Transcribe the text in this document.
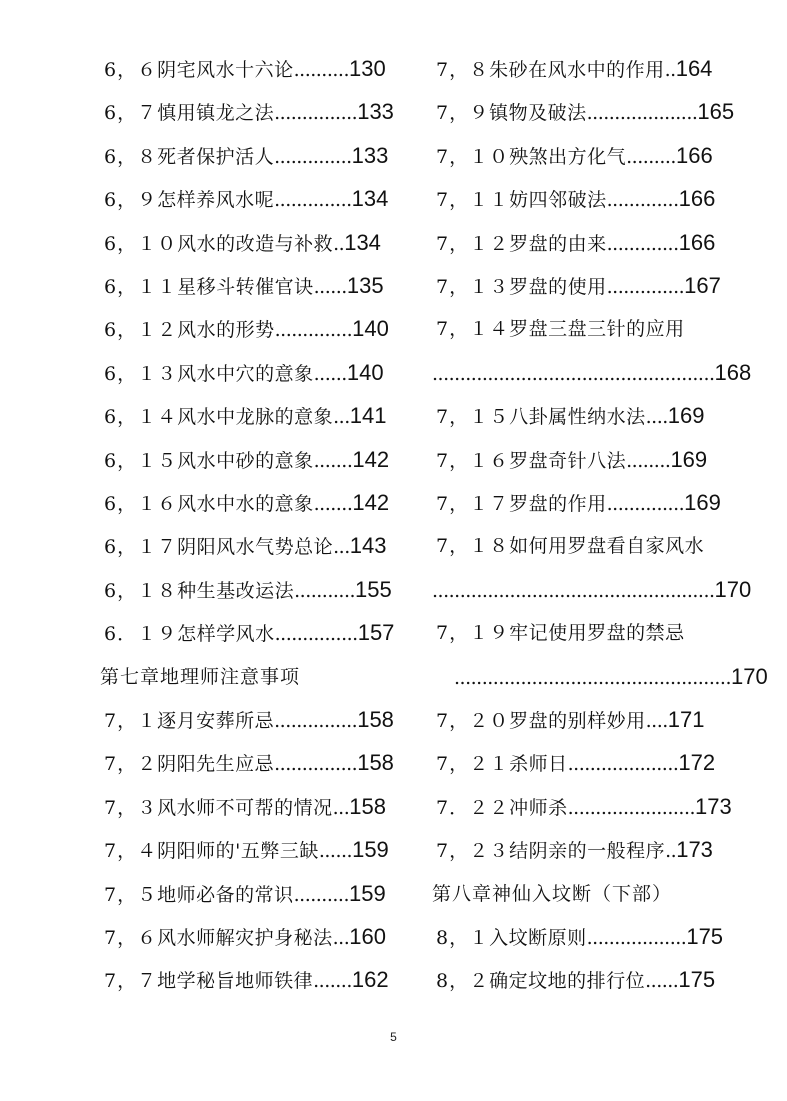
6，６阴宅风水十六论..........130
6，７慎用镇龙之法...............133
6，８死者保护活人..............133
6，９怎样养风水呢..............134
6，１０风水的改造与补救..134
6，１１星移斗转催官诀......135
6，１２风水的形势..............140
6，１３风水中穴的意象......140
6，１４风水中龙脉的意象...141
6，１５风水中砂的意象.......142
6，１６风水中水的意象.......142
6，１７阴阳风水气势总论...143
6，１８种生基改运法...........155
6．１９怎样学风水...............157
第七章地理师注意事项
7，１逐月安葬所忌...............158
7，２阴阳先生应忌...............158
7，３风水师不可帮的情况...158
7，４阴阳师的'五弊三缺......159
7，５地师必备的常识..........159
7，６风水师解灾护身秘法...160
7，７地学秘旨地师铁律.......162
7，８朱砂在风水中的作用..164
7，９镇物及破法....................165
7，１０殃煞出方化气.........166
7，１１妨四邻破法.............166
7，１２罗盘的由来.............166
7，１３罗盘的使用..............167
7，１４罗盘三盘三针的应用
...................................................168
7，１５八卦属性纳水法....169
7，１６罗盘奇针八法........169
7，１７罗盘的作用..............169
7，１８如何用罗盘看自家风水
...................................................170
7，１９牢记使用罗盘的禁忌
..................................................170
7，２０罗盘的别样妙用....171
7，２１杀师日....................172
7．２２冲师杀.......................173
7，２３结阴亲的一般程序..173
第八章神仙入坟断（下部）
8，１入坟断原则..................175
8，２确定坟地的排行位......175
5
